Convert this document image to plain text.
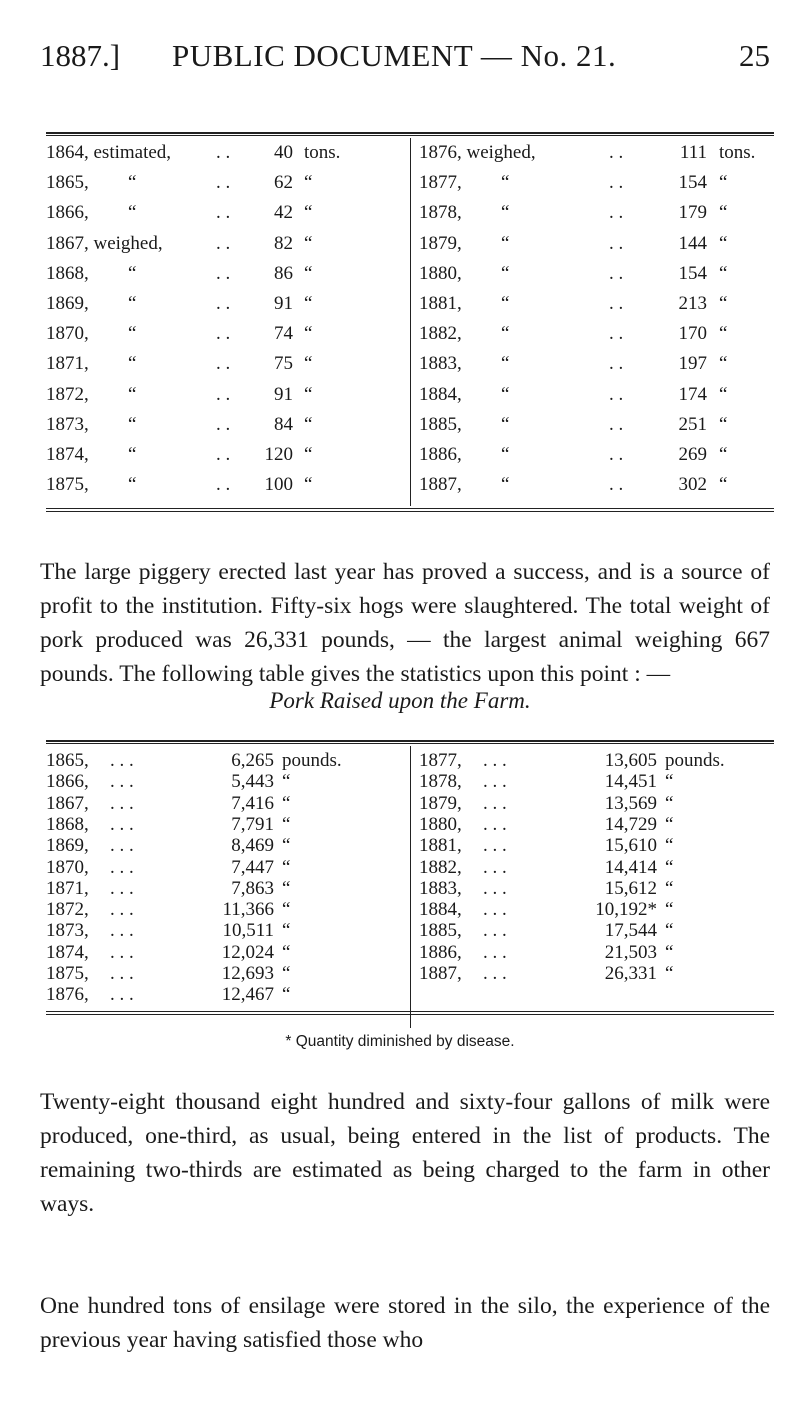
1887.] PUBLIC DOCUMENT — No. 21.	25
1864, estimated, . . 40 tons.
1865, “	. . 62 “
1866, “	. . 42 “
1867, weighed,	. . 82 “
1868, “	. . 86 “
1869, “	. . 91 “
1870, “	. . 74 “
1871, “	. . 75 “
1872, “	. . 91 “
1873, “	. . 84 “
1874, “	. . 120 “
1875, “	. . 100 “
1876, weighed,	. .	111 tons.
1877, “	. .	154 “
1878, “	. .	179 “
1879, “	. .	144 “
1880, “	. .	154 “
1881, “	. .	213 “
1882, “	. .	170 “
1883, “	. .	197 “
1884, “	. .	174 “
1885, “	. .	251 “
1886, “	. .	269 “
1887, “	. .	302 “

The large piggery erected last year has proved a success, and is a source of profit to the institution. Fifty-six hogs were slaughtered. The total weight of pork produced was 26,331 pounds, — the largest animal weighing 667 pounds. The following table gives the statistics upon this point : —

Pork Raised upon the Farm.
1865, . . .	6,265 pounds.
1866, . . .	5,443 “
1867, . . .	7,416 “
1868, . . .	7,791 “
1869, . . .	8,469 “
1870, . . .	7,447 “
1871, . . .	7,863 “
1872, . . .	11,366 “
1873, . . .	10,511 “
1874, . . .	12,024 “
1875, . . .	12,693 “
1876, . . .	12,467 “
1877, . . .	13,605 pounds.
1878, . . .	14,451 “
1879, . . .	13,569 “
1880, . . .	14,729 “
1881, . . .	15,610 “
1882, . . .	14,414 “
1883, . . .	15,612 “
1884, . . .	10,192* “
1885, . . .	17,544 “
1886, . . .	21,503 “
1887, . . .	26,331 “
* Quantity diminished by disease.

Twenty-eight thousand eight hundred and sixty-four gallons of milk were produced, one-third, as usual, being entered in the list of products. The remaining two-thirds are estimated as being charged to the farm in other ways.

One hundred tons of ensilage were stored in the silo, the experience of the previous year having satisfied those who
